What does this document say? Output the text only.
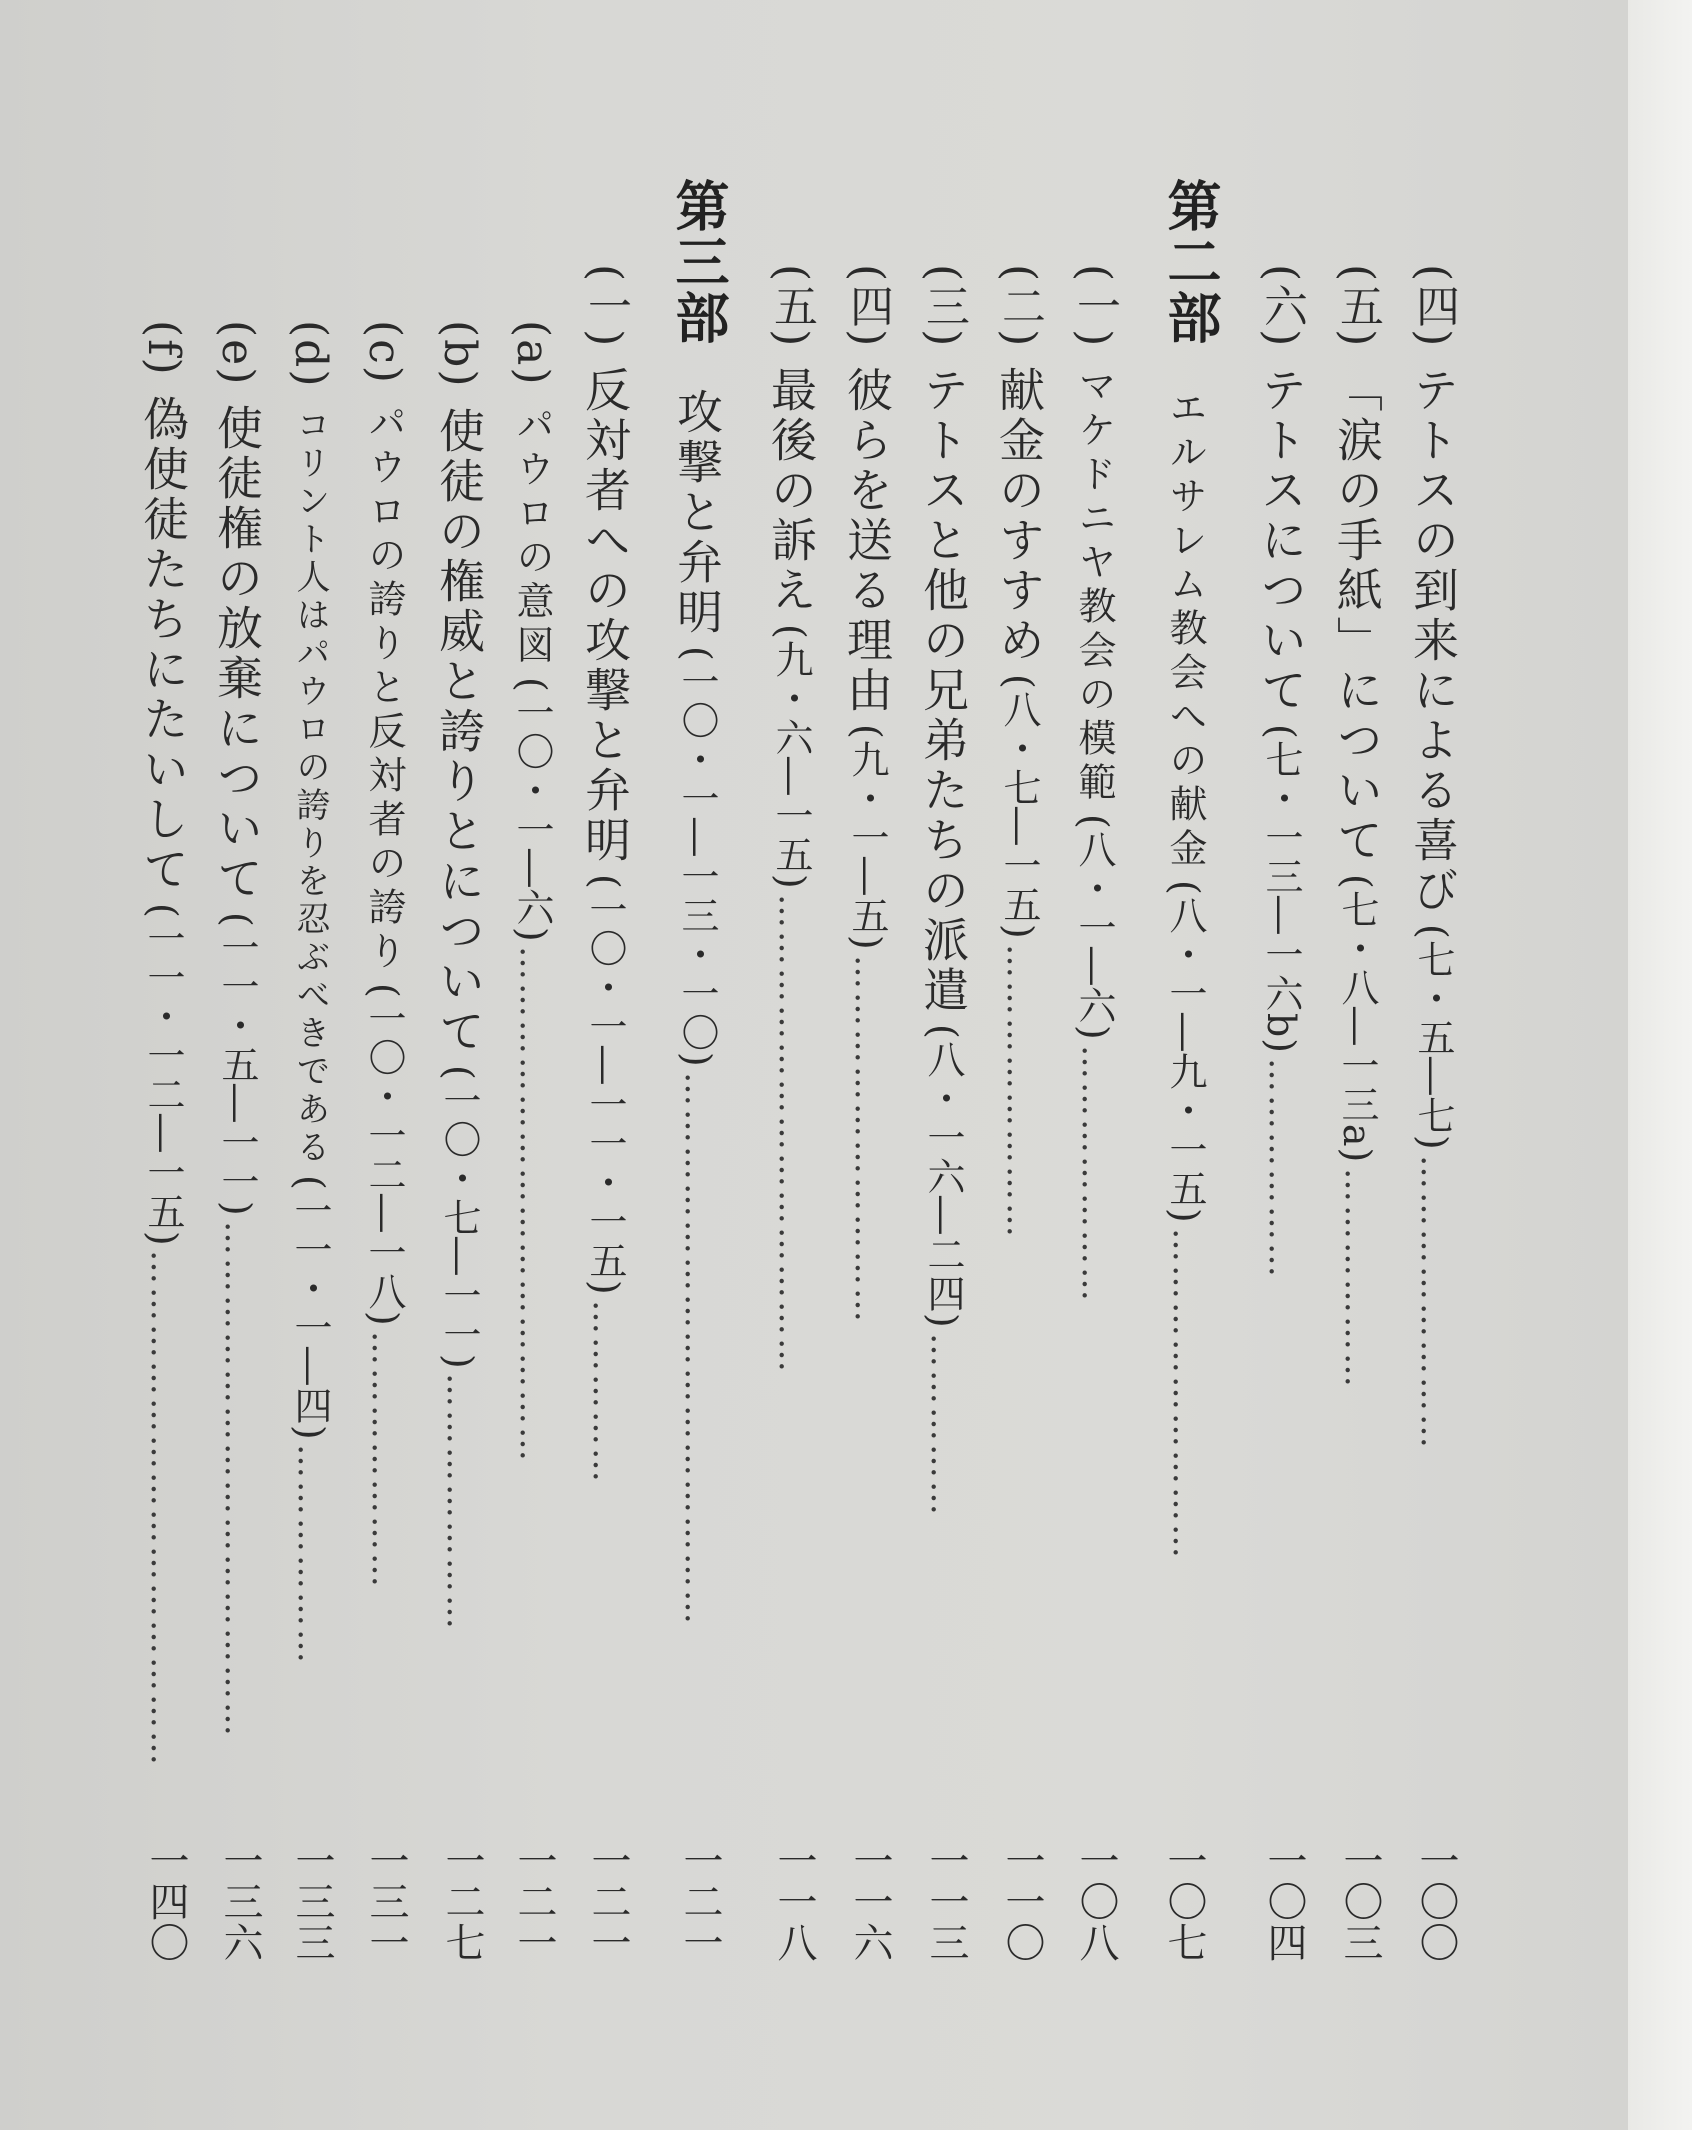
第二部
エルサレム教会への献金(八・一―九・一五)………………………
一〇七
第三部
攻撃と弁明(一〇・一―一三・一〇)………………………………………
一二一
(四)テトスの到来による喜び(七・五―七)……………………
一〇〇
(五)「涙の手紙」について(七・八―一三a)………………
一〇三
(六)テトスについて(七・一三―一六b)………………
一〇四
(一)マケドニヤ教会の模範(八・一―六)…………………
一〇八
(二)献金のすすめ(八・七―一五)……………………
一一〇
(三)テトスと他の兄弟たちの派遣(八・一六―二四)……………
一一三
(四)彼らを送る理由(九・一―五)…………………………
一一六
(五)最後の訴え(九・六―一五)…………………………………
一一八
(一)反対者への攻撃と弁明(一〇・一―一一・一五)……………
一二一
(a)パウロの意図(一〇・一―六)……………………………………
一二一
(b)使徒の権威と誇りとについて(一〇・七―一一)…………………
一二七
(c)パウロの誇りと反対者の誇り(一〇・一二―一八)…………………
一三一
(d)コリント人はパウロの誇りを忍ぶべきである(一一・一―四)………………
一三三
(e)使徒権の放棄について(一一・五―一一)……………………………………
一三六
(f)偽使徒たちにたいして(一一・一二―一五)……………………………………
一四〇
